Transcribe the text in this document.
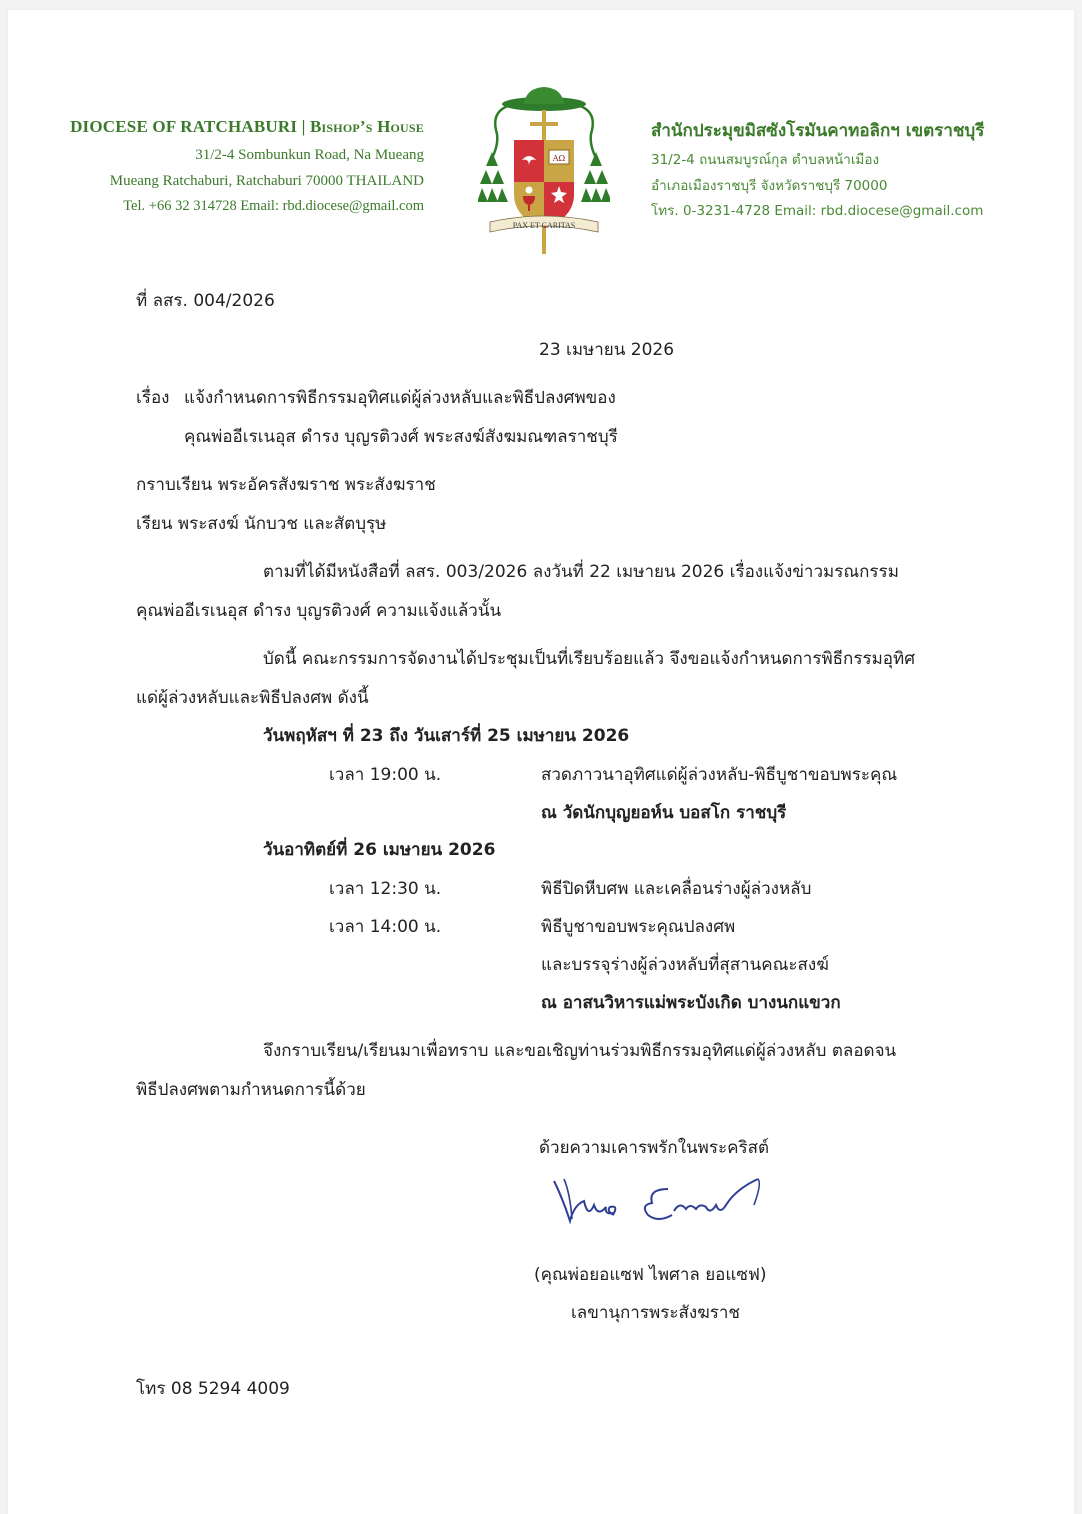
DIOCESE OF RATCHABURI | Bishop’s House
31/2-4 Sombunkun Road, Na Mueang
Mueang Ratchaburi, Ratchaburi 70000 THAILAND
Tel. +66 32 314728 Email: rbd.diocese@gmail.com
ΑΩ
PAX ET CARITAS
สำนักประมุขมิสซังโรมันคาทอลิกฯ เขตราชบุรี
31/2-4 ถนนสมบูรณ์กุล ตำบลหน้าเมือง
อำเภอเมืองราชบุรี จังหวัดราชบุรี 70000
โทร. 0-3231-4728 Email: rbd.diocese@gmail.com
ที่ ลสร. 004/2026
23 เมษายน 2026
เรื่อง แจ้งกำหนดการพิธีกรรมอุทิศแด่ผู้ล่วงหลับและพิธีปลงศพของ
คุณพ่ออีเรเนอุส ดำรง บุญรติวงศ์ พระสงฆ์สังฆมณฑลราชบุรี
กราบเรียน พระอัครสังฆราช พระสังฆราช
เรียน พระสงฆ์ นักบวช และสัตบุรุษ
ตามที่ได้มีหนังสือที่ ลสร. 003/2026 ลงวันที่ 22 เมษายน 2026 เรื่องแจ้งข่าวมรณกรรม
คุณพ่ออีเรเนอุส ดำรง บุญรติวงศ์ ความแจ้งแล้วนั้น
บัดนี้ คณะกรรมการจัดงานได้ประชุมเป็นที่เรียบร้อยแล้ว จึงขอแจ้งกำหนดการพิธีกรรมอุทิศ
แด่ผู้ล่วงหลับและพิธีปลงศพ ดังนี้
วันพฤหัสฯ ที่ 23 ถึง วันเสาร์ที่ 25 เมษายน 2026
เวลา 19:00 น.	สวดภาวนาอุทิศแด่ผู้ล่วงหลับ-พิธีบูชาขอบพระคุณ
ณ วัดนักบุญยอห์น บอสโก ราชบุรี
วันอาทิตย์ที่ 26 เมษายน 2026
เวลา 12:30 น.	พิธีปิดหีบศพ และเคลื่อนร่างผู้ล่วงหลับ
เวลา 14:00 น.	พิธีบูชาขอบพระคุณปลงศพ
และบรรจุร่างผู้ล่วงหลับที่สุสานคณะสงฆ์
ณ อาสนวิหารแม่พระบังเกิด บางนกแขวก
จึงกราบเรียน/เรียนมาเพื่อทราบ และขอเชิญท่านร่วมพิธีกรรมอุทิศแด่ผู้ล่วงหลับ ตลอดจน
พิธีปลงศพตามกำหนดการนี้ด้วย
ด้วยความเคารพรักในพระคริสต์
(คุณพ่อยอแซฟ ไพศาล ยอแซฟ)
เลขานุการพระสังฆราช
โทร 08 5294 4009
